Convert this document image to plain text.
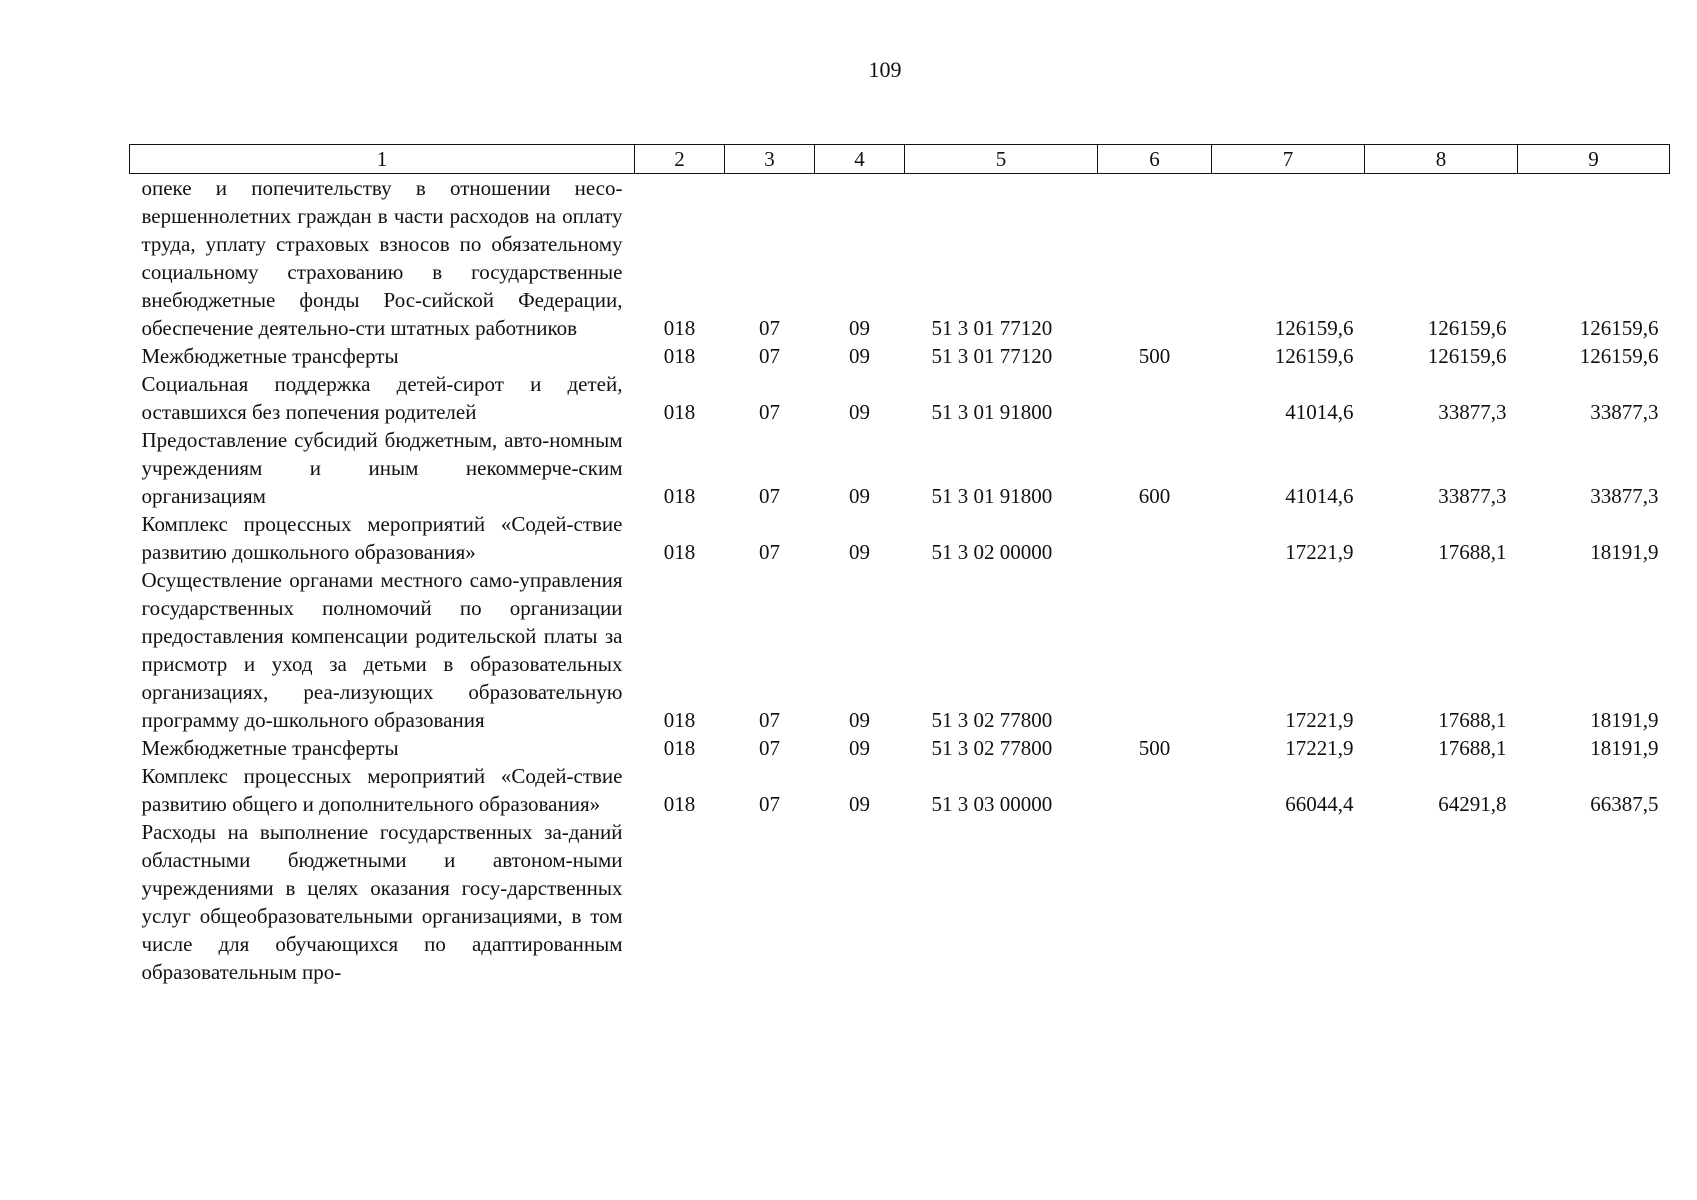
109
1	2	3	4	5	6	7	8	9
опеке и попечительству в отношении несо-вершеннолетних граждан в части расходов на оплату труда, уплату страховых взносов по обязательному социальному страхованию в государственные внебюджетные фонды Рос-сийской Федерации, обеспечение деятельно-сти штатных работников	018	07	09	51 3 01 77120		126159,6	126159,6	126159,6
Межбюджетные трансферты	018	07	09	51 3 01 77120	500	126159,6	126159,6	126159,6
Социальная поддержка детей-сирот и детей, оставшихся без попечения родителей	018	07	09	51 3 01 91800		41014,6	33877,3	33877,3
Предоставление субсидий бюджетным, авто-номным учреждениям и иным некоммерче-ским организациям	018	07	09	51 3 01 91800	600	41014,6	33877,3	33877,3
Комплекс процессных мероприятий «Содей-ствие развитию дошкольного образования»	018	07	09	51 3 02 00000		17221,9	17688,1	18191,9
Осуществление органами местного само-управления государственных полномочий по организации предоставления компенсации родительской платы за присмотр и уход за детьми в образовательных организациях, реа-лизующих образовательную программу до-школьного образования	018	07	09	51 3 02 77800		17221,9	17688,1	18191,9
Межбюджетные трансферты	018	07	09	51 3 02 77800	500	17221,9	17688,1	18191,9
Комплекс процессных мероприятий «Содей-ствие развитию общего и дополнительного образования»	018	07	09	51 3 03 00000		66044,4	64291,8	66387,5
Расходы на выполнение государственных за-даний областными бюджетными и автоном-ными учреждениями в целях оказания госу-дарственных услуг общеобразовательными организациями, в том числе для обучающихся по адаптированным образовательным про-								
